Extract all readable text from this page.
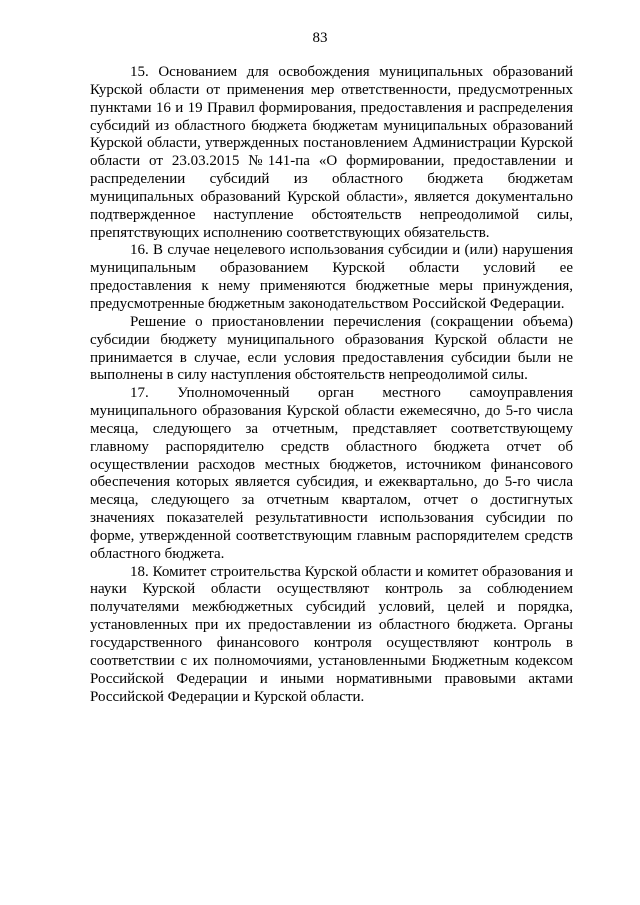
83

15. Основанием для освобождения муниципальных образований Курской области от применения мер ответственности, предусмотренных пунктами 16 и 19 Правил формирования, предоставления и распределения субсидий из областного бюджета бюджетам муниципальных образований Курской области, утвержденных постановлением Администрации Курской области от 23.03.2015 №141-па «О формировании, предоставлении и распределении субсидий из областного бюджета бюджетам муниципальных образований Курской области», является документально подтвержденное наступление обстоятельств непреодолимой силы, препятствующих исполнению соответствующих обязательств.

16. В случае нецелевого использования субсидии и (или) нарушения муниципальным образованием Курской области условий ее предоставления к нему применяются бюджетные меры принуждения, предусмотренные бюджетным законодательством Российской Федерации.

Решение о приостановлении перечисления (сокращении объема) субсидии бюджету муниципального образования Курской области не принимается в случае, если условия предоставления субсидии были не выполнены в силу наступления обстоятельств непреодолимой силы.

17. Уполномоченный орган местного самоуправления муниципального образования Курской области ежемесячно, до 5-го числа месяца, следующего за отчетным, представляет соответствующему главному распорядителю средств областного бюджета отчет об осуществлении расходов местных бюджетов, источником финансового обеспечения которых является субсидия, и ежеквартально, до 5-го числа месяца, следующего за отчетным кварталом, отчет о достигнутых значениях показателей результативности использования субсидии по форме, утвержденной соответствующим главным распорядителем средств областного бюджета.

18. Комитет строительства Курской области и комитет образования и науки Курской области осуществляют контроль за соблюдением получателями межбюджетных субсидий условий, целей и порядка, установленных при их предоставлении из областного бюджета. Органы государственного финансового контроля осуществляют контроль в соответствии с их полномочиями, установленными Бюджетным кодексом Российской Федерации и иными нормативными правовыми актами Российской Федерации и Курской области.
